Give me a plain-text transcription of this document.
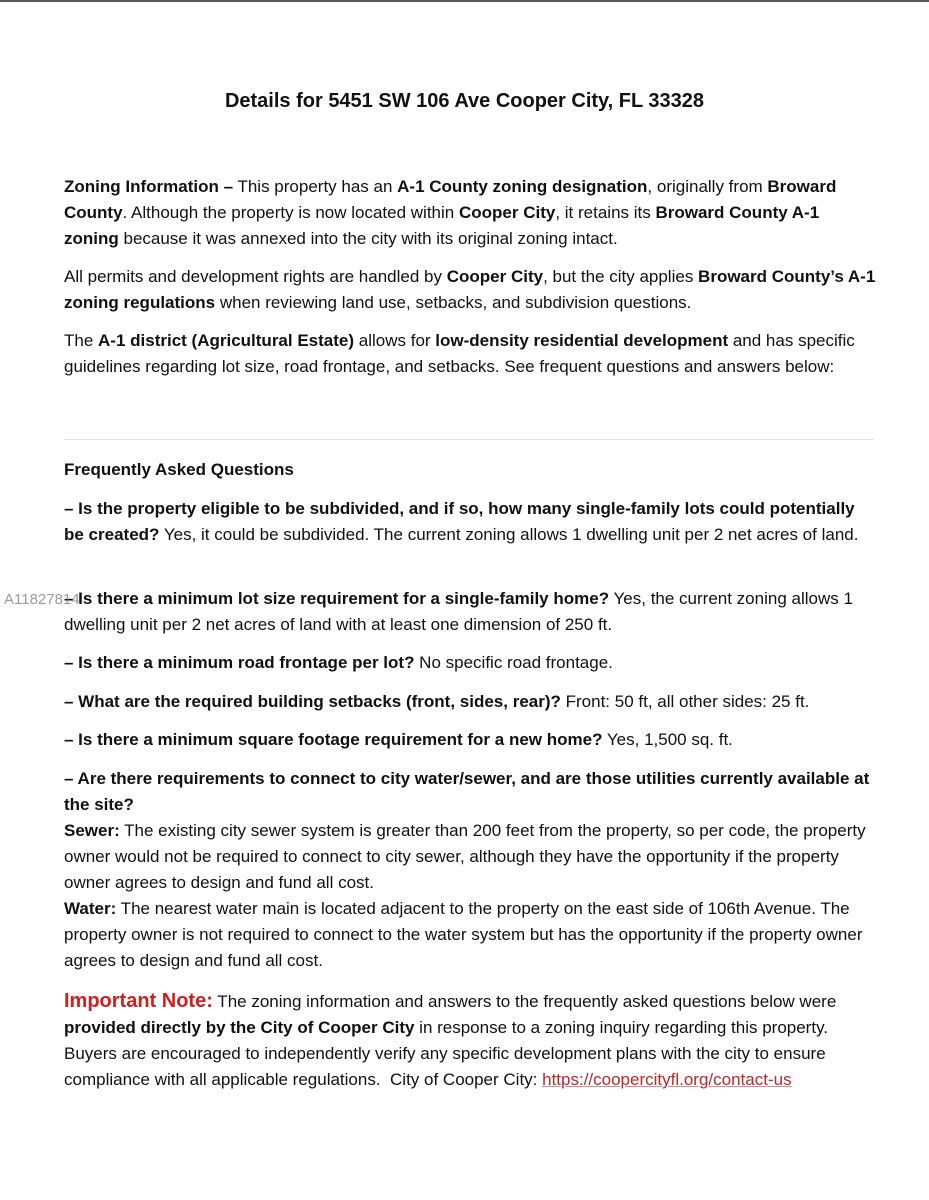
A11827814
Details for 5451 SW 106 Ave Cooper City, FL 33328

Zoning Information – This property has an A-1 County zoning designation, originally from Broward County. Although the property is now located within Cooper City, it retains its Broward County A-1 zoning because it was annexed into the city with its original zoning intact.

All permits and development rights are handled by Cooper City, but the city applies Broward County’s A-1 zoning regulations when reviewing land use, setbacks, and subdivision questions.

The A-1 district (Agricultural Estate) allows for low-density residential development and has specific guidelines regarding lot size, road frontage, and setbacks. See frequent questions and answers below:

Frequently Asked Questions

– Is the property eligible to be subdivided, and if so, how many single-family lots could potentially be created? Yes, it could be subdivided. The current zoning allows 1 dwelling unit per 2 net acres of land.

– Is there a minimum lot size requirement for a single-family home? Yes, the current zoning allows 1 dwelling unit per 2 net acres of land with at least one dimension of 250 ft.

– Is there a minimum road frontage per lot? No specific road frontage.

– What are the required building setbacks (front, sides, rear)? Front: 50 ft, all other sides: 25 ft.

– Is there a minimum square footage requirement for a new home? Yes, 1,500 sq. ft.

– Are there requirements to connect to city water/sewer, and are those utilities currently available at the site?
Sewer: The existing city sewer system is greater than 200 feet from the property, so per code, the property owner would not be required to connect to city sewer, although they have the opportunity if the property owner agrees to design and fund all cost.
Water: The nearest water main is located adjacent to the property on the east side of 106th Avenue. The property owner is not required to connect to the water system but has the opportunity if the property owner agrees to design and fund all cost.

Important Note: The zoning information and answers to the frequently asked questions below were provided directly by the City of Cooper City in response to a zoning inquiry regarding this property. Buyers are encouraged to independently verify any specific development plans with the city to ensure compliance with all applicable regulations.  City of Cooper City: https://coopercityfl.org/contact-us
